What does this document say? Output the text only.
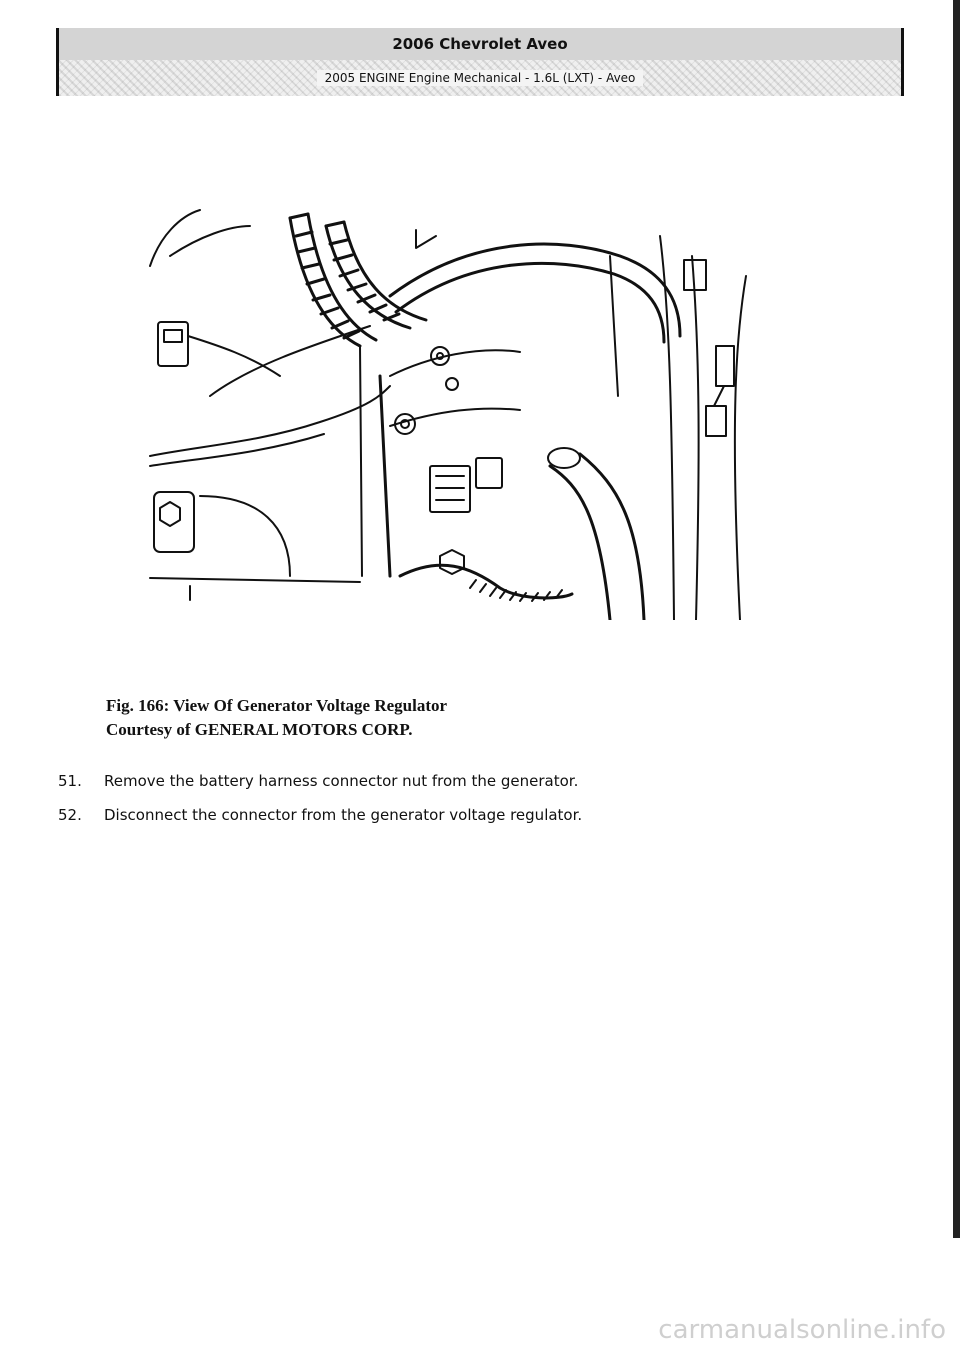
2006 Chevrolet Aveo
2005 ENGINE Engine Mechanical - 1.6L (LXT) - Aveo
Fig. 166: View Of Generator Voltage Regulator
Courtesy of GENERAL MOTORS CORP.
51.	Remove the battery harness connector nut from the generator.
52.	Disconnect the connector from the generator voltage regulator.
carmanualsonline.info
